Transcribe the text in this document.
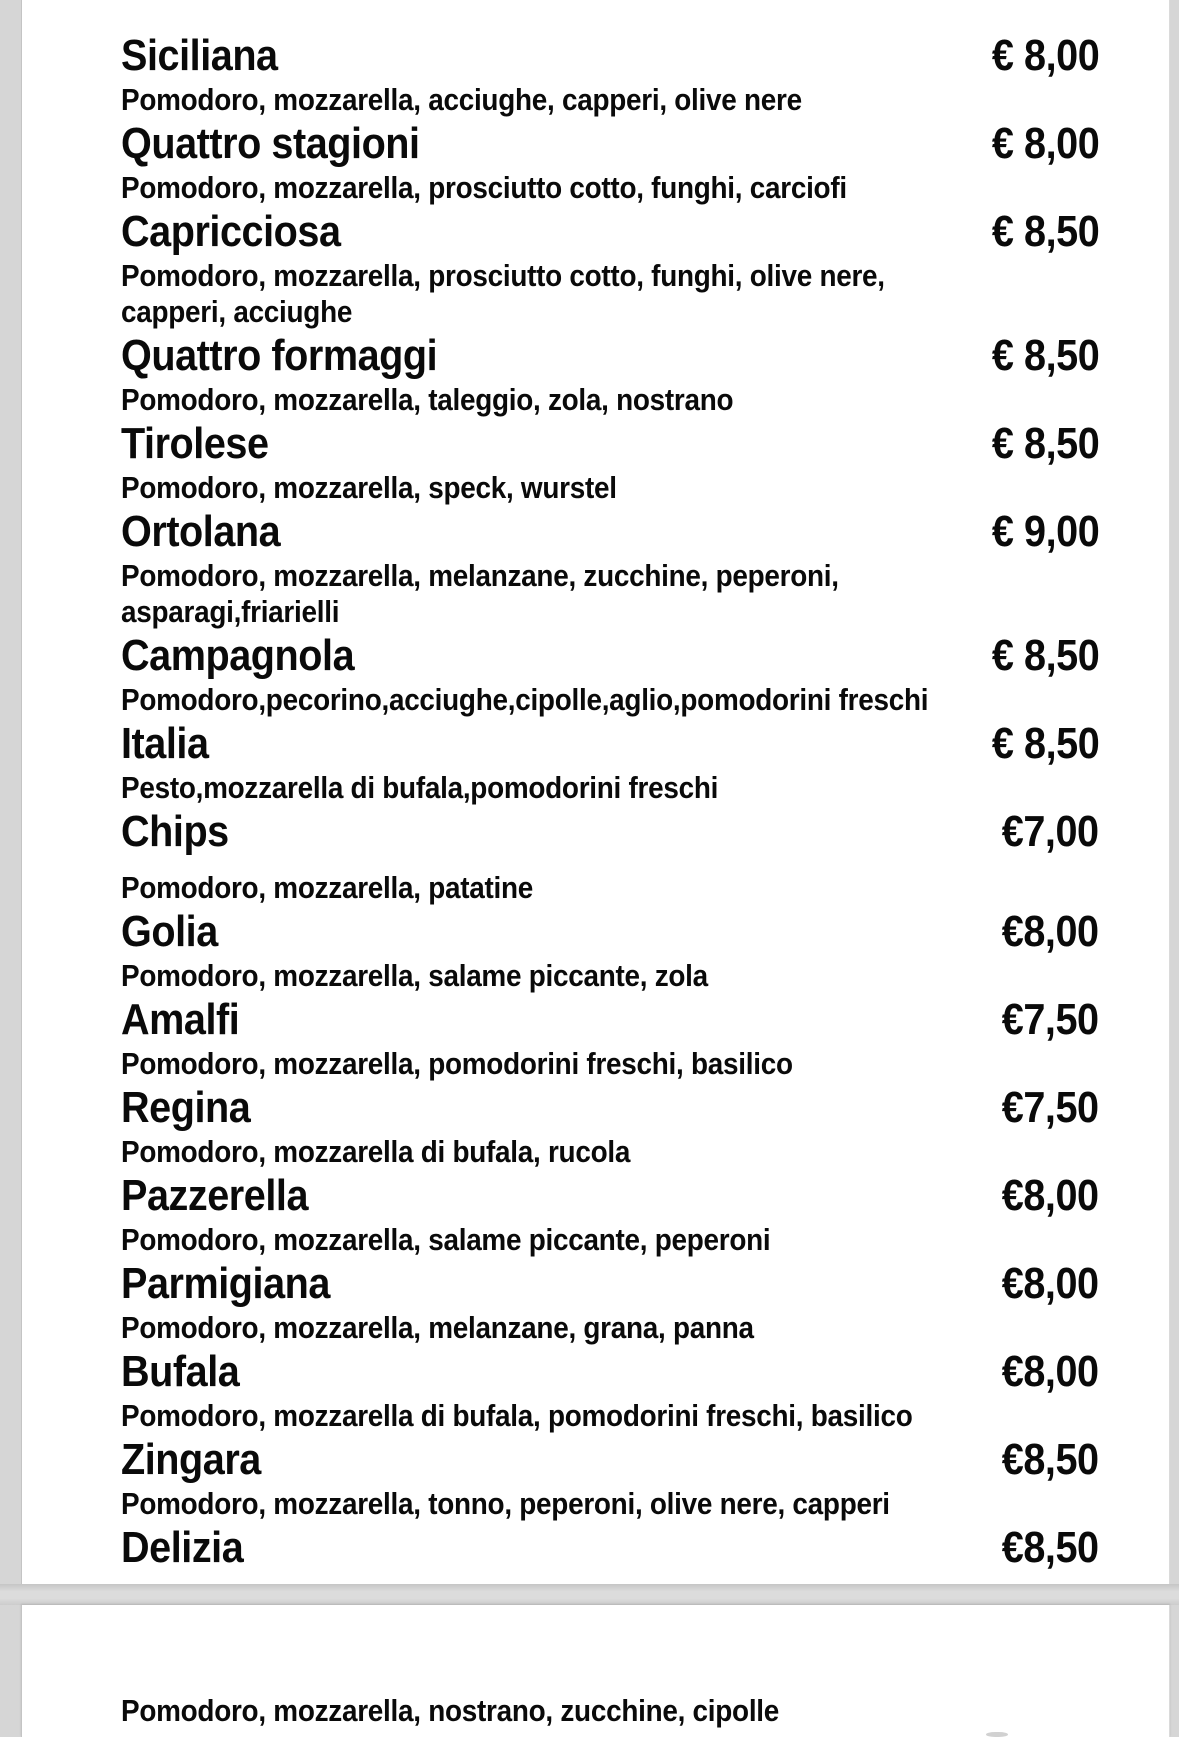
Siciliana	€ 8,00
Pomodoro, mozzarella, acciughe, capperi, olive nere
Quattro stagioni	€ 8,00
Pomodoro, mozzarella, prosciutto cotto, funghi, carciofi
Capricciosa	€ 8,50
Pomodoro, mozzarella, prosciutto cotto, funghi, olive nere,
capperi, acciughe
Quattro formaggi	€ 8,50
Pomodoro, mozzarella, taleggio, zola, nostrano
Tirolese	€ 8,50
Pomodoro, mozzarella, speck, wurstel
Ortolana	€ 9,00
Pomodoro, mozzarella, melanzane, zucchine, peperoni,
asparagi,friarielli
Campagnola	€ 8,50
Pomodoro,pecorino,acciughe,cipolle,aglio,pomodorini freschi
Italia	€ 8,50
Pesto,mozzarella di bufala,pomodorini freschi
Chips	€7,00
Pomodoro, mozzarella, patatine
Golia	€8,00
Pomodoro, mozzarella, salame piccante, zola
Amalfi	€7,50
Pomodoro, mozzarella, pomodorini freschi, basilico
Regina	€7,50
Pomodoro, mozzarella di bufala, rucola
Pazzerella	€8,00
Pomodoro, mozzarella, salame piccante, peperoni
Parmigiana	€8,00
Pomodoro, mozzarella, melanzane, grana, panna
Bufala	€8,00
Pomodoro, mozzarella di bufala, pomodorini freschi, basilico
Zingara	€8,50
Pomodoro, mozzarella, tonno, peperoni, olive nere, capperi
Delizia	€8,50
Pomodoro, mozzarella, nostrano, zucchine, cipolle
